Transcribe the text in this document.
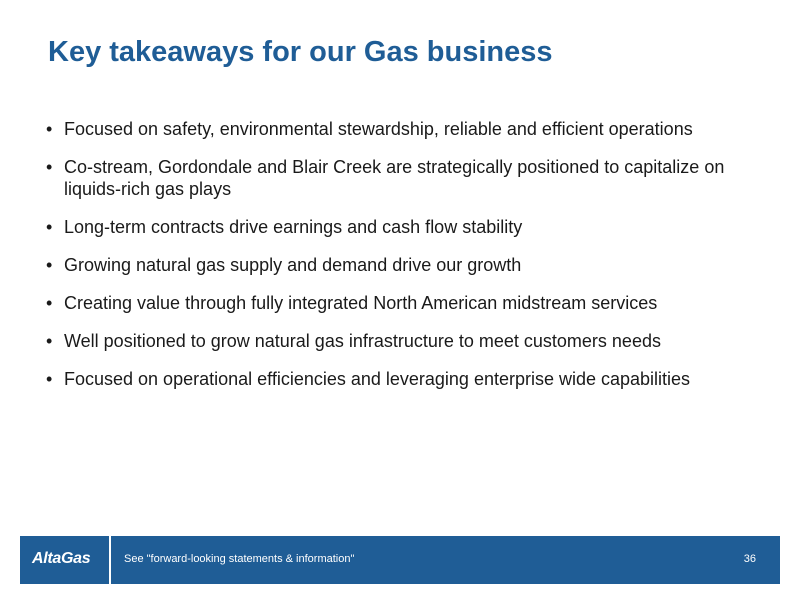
Key takeaways for our Gas business
• Focused on safety, environmental stewardship, reliable and efficient operations
• Co-stream, Gordondale and Blair Creek are strategically positioned to capitalize on liquids-rich gas plays
• Long-term contracts drive earnings and cash flow stability
• Growing natural gas supply and demand drive our growth
• Creating value through fully integrated North American midstream services
• Well positioned to grow natural gas infrastructure to meet customers needs
• Focused on operational efficiencies and leveraging enterprise wide capabilities
AltaGas	See "forward-looking statements & information"	36
